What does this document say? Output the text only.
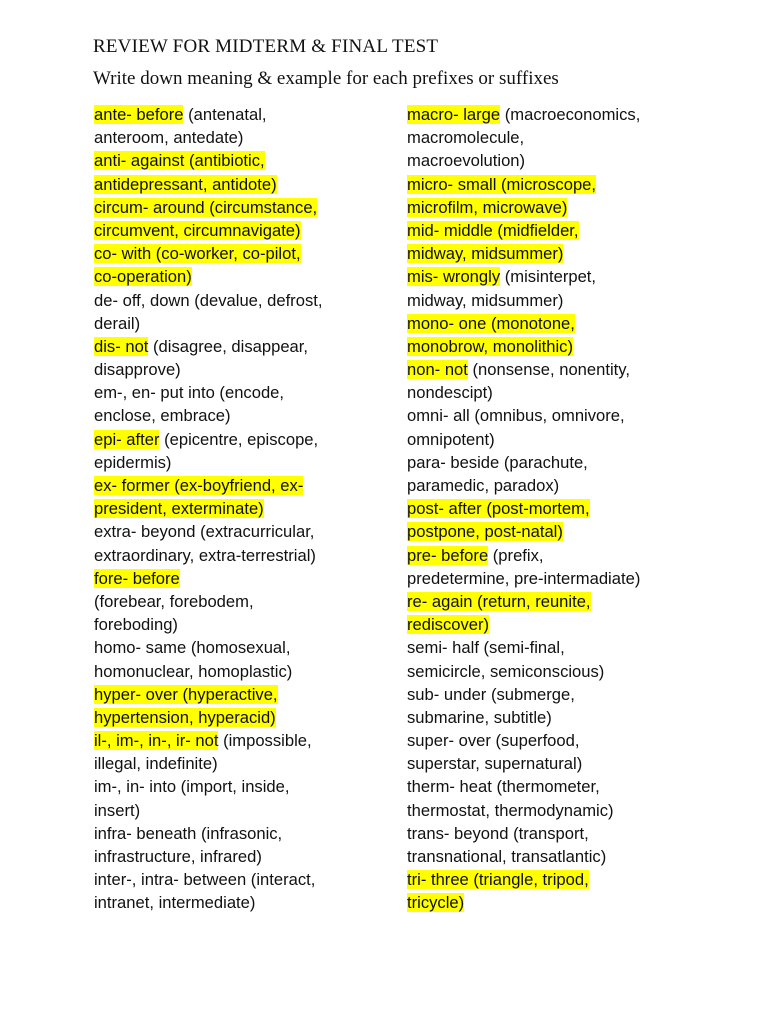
REVIEW FOR MIDTERM & FINAL TEST
Write down meaning & example for each prefixes or suffixes
ante- before (antenatal,
anteroom, antedate)
anti- against (antibiotic,
antidepressant, antidote)
circum- around (circumstance,
circumvent, circumnavigate)
co- with (co-worker, co-pilot,
co-operation)
de- off, down (devalue, defrost,
derail)
dis- not (disagree, disappear,
disapprove)
em-, en- put into (encode,
enclose, embrace)
epi- after (epicentre, episcope,
epidermis)
ex- former (ex-boyfriend, ex-
president, exterminate)
extra- beyond (extracurricular,
extraordinary, extra-terrestrial)
fore- before
(forebear, forebodem,
foreboding)
homo- same (homosexual,
homonuclear, homoplastic)
hyper- over (hyperactive,
hypertension, hyperacid)
il-, im-, in-, ir- not (impossible,
illegal, indefinite)
im-, in- into (import, inside,
insert)
infra- beneath (infrasonic,
infrastructure, infrared)
inter-, intra- between (interact,
intranet, intermediate)
macro- large (macroeconomics,
macromolecule,
macroevolution)
micro- small (microscope,
microfilm, microwave)
mid- middle (midfielder,
midway, midsummer)
mis- wrongly (misinterpet,
midway, midsummer)
mono- one (monotone,
monobrow, monolithic)
non- not (nonsense, nonentity,
nondescipt)
omni- all (omnibus, omnivore,
omnipotent)
para- beside (parachute,
paramedic, paradox)
post- after (post-mortem,
postpone, post-natal)
pre- before (prefix,
predetermine, pre-intermadiate)
re- again (return, reunite,
rediscover)
semi- half (semi-final,
semicircle, semiconscious)
sub- under (submerge,
submarine, subtitle)
super- over (superfood,
superstar, supernatural)
therm- heat (thermometer,
thermostat, thermodynamic)
trans- beyond (transport,
transnational, transatlantic)
tri- three (triangle, tripod,
tricycle)
